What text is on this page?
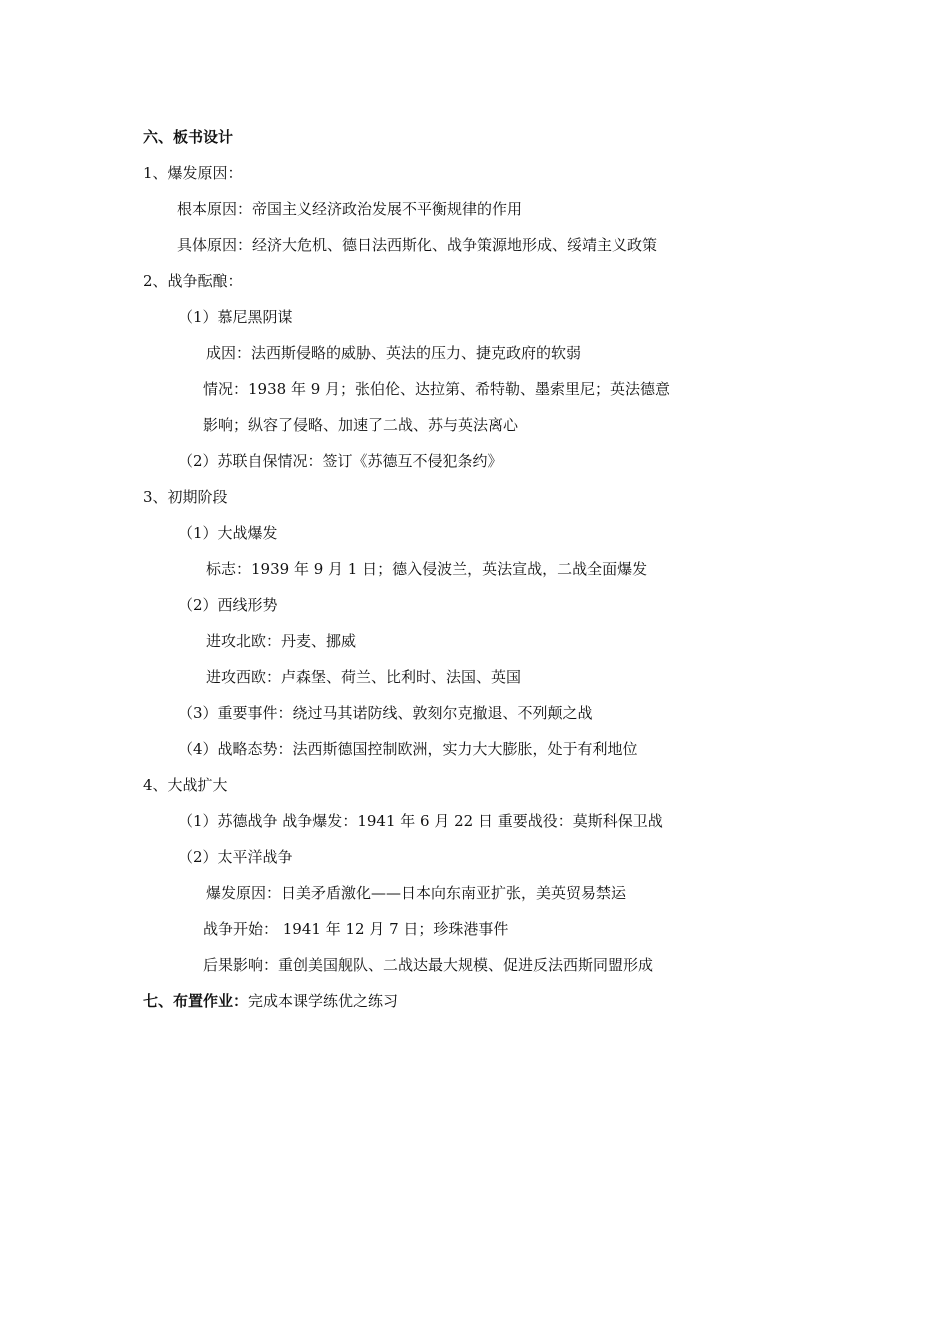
六、板书设计
1、爆发原因：
根本原因：帝国主义经济政治发展不平衡规律的作用
具体原因：经济大危机、德日法西斯化、战争策源地形成、绥靖主义政策
2、战争酝酿：
（1）慕尼黑阴谋
成因：法西斯侵略的威胁、英法的压力、捷克政府的软弱
情况：1938 年 9 月；张伯伦、达拉第、希特勒、墨索里尼；英法德意
影响；纵容了侵略、加速了二战、苏与英法离心
（2）苏联自保情况：签订《苏德互不侵犯条约》
3、初期阶段
（1）大战爆发
标志：1939 年 9 月 1 日；德入侵波兰，英法宣战，二战全面爆发
（2）西线形势
进攻北欧：丹麦、挪威
进攻西欧：卢森堡、荷兰、比利时、法国、英国
（3）重要事件：绕过马其诺防线、敦刻尔克撤退、不列颠之战
（4）战略态势：法西斯德国控制欧洲，实力大大膨胀，处于有利地位
4、大战扩大
（1）苏德战争 战争爆发：1941 年 6 月 22 日 重要战役：莫斯科保卫战
（2）太平洋战争
爆发原因：日美矛盾激化——日本向东南亚扩张，美英贸易禁运
战争开始： 1941 年 12 月 7 日；珍珠港事件
后果影响：重创美国舰队、二战达最大规模、促进反法西斯同盟形成
七、布置作业：完成本课学练优之练习
